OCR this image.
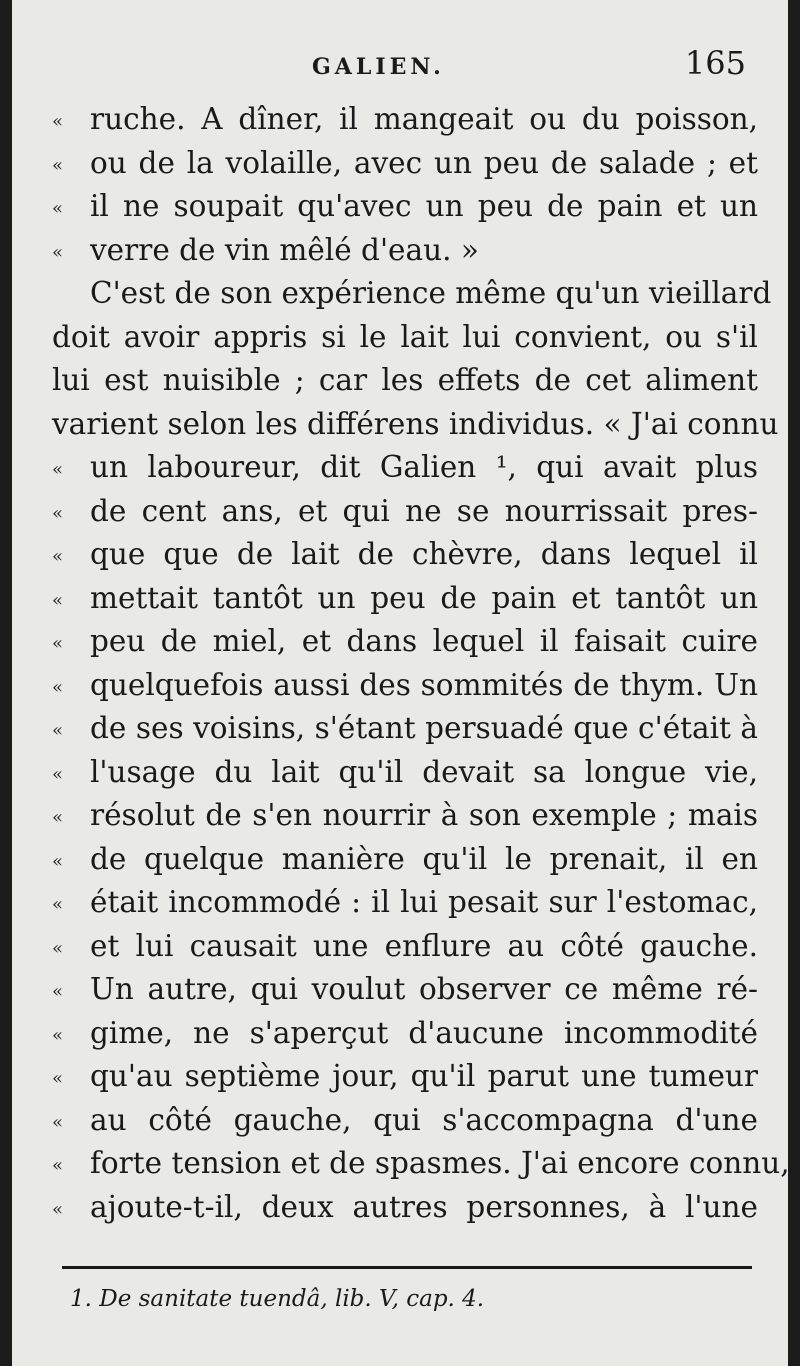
GALIEN.	165
« ruche. A dîner, il mangeait ou du poisson,
« ou de la volaille, avec un peu de salade ; et
« il ne soupait qu'avec un peu de pain et un
« verre de vin mêlé d'eau. »
C'est de son expérience même qu'un vieillard
doit avoir appris si le lait lui convient, ou s'il
lui est nuisible ; car les effets de cet aliment
varient selon les différens individus. « J'ai connu
« un laboureur, dit Galien ¹, qui avait plus
« de cent ans, et qui ne se nourrissait pres-
« que que de lait de chèvre, dans lequel il
« mettait tantôt un peu de pain et tantôt un
« peu de miel, et dans lequel il faisait cuire
« quelquefois aussi des sommités de thym. Un
« de ses voisins, s'étant persuadé que c'était à
« l'usage du lait qu'il devait sa longue vie,
« résolut de s'en nourrir à son exemple ; mais
« de quelque manière qu'il le prenait, il en
« était incommodé : il lui pesait sur l'estomac,
« et lui causait une enflure au côté gauche.
« Un autre, qui voulut observer ce même ré-
« gime, ne s'aperçut d'aucune incommodité
« qu'au septième jour, qu'il parut une tumeur
« au côté gauche, qui s'accompagna d'une
« forte tension et de spasmes. J'ai encore connu,
« ajoute-t-il, deux autres personnes, à l'une
1. De sanitate tuendâ, lib. V, cap. 4.
